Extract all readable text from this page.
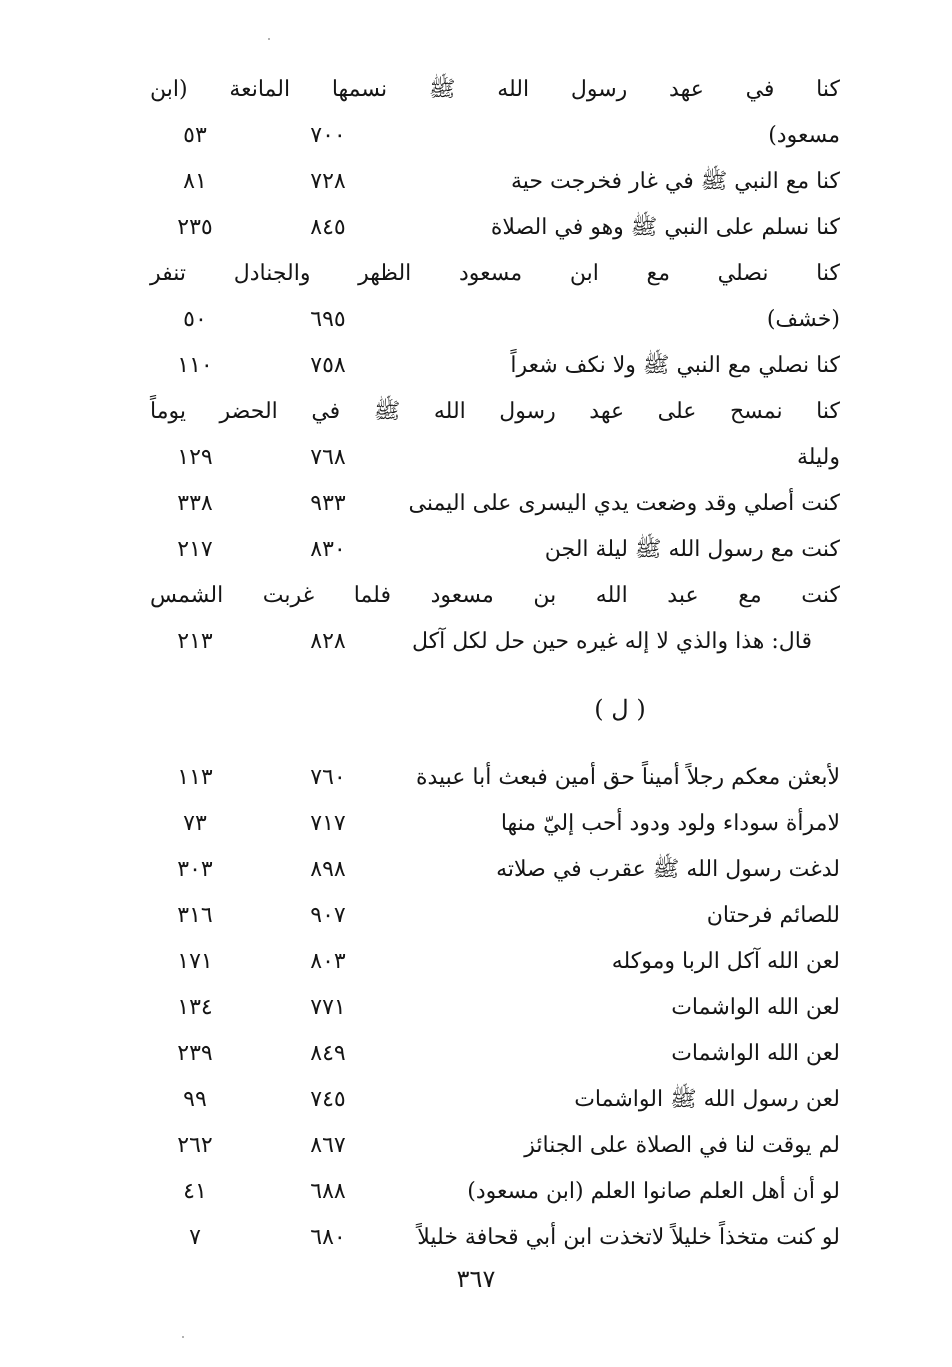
كنا في عهد رسول الله ﷺ نسمها المانعة (ابن
مسعود)
٧٠٠
٥٣
كنا مع النبي ﷺ في غار فخرجت حية
٧٢٨
٨١
كنا نسلم على النبي ﷺ وهو في الصلاة
٨٤٥
٢٣٥
كنا نصلي مع ابن مسعود الظهر والجنادل تنفر
(خشف)
٦٩٥
٥٠
كنا نصلي مع النبي ﷺ ولا نكف شعراً
٧٥٨
١١٠
كنا نمسح على عهد رسول الله ﷺ في الحضر يوماً
وليلة
٧٦٨
١٢٩
كنت أصلي وقد وضعت يدي اليسرى على اليمنى
٩٣٣
٣٣٨
كنت مع رسول الله ﷺ ليلة الجن
٨٣٠
٢١٧
كنت مع عبد الله بن مسعود فلما غربت الشمس
قال: هذا والذي لا إله غيره حين حل لكل آكل
٨٢٨
٢١٣
( ل )
لأبعثن معكم رجلاً أميناً حق أمين فبعث أبا عبيدة
٧٦٠
١١٣
لامرأة سوداء ولود ودود أحب إليّ منها
٧١٧
٧٣
لدغت رسول الله ﷺ عقرب في صلاته
٨٩٨
٣٠٣
للصائم فرحتان
٩٠٧
٣١٦
لعن الله آكل الربا وموكله
٨٠٣
١٧١
لعن الله الواشمات
٧٧١
١٣٤
لعن الله الواشمات
٨٤٩
٢٣٩
لعن رسول الله ﷺ الواشمات
٧٤٥
٩٩
لم يوقت لنا في الصلاة على الجنائز
٨٦٧
٢٦٢
لو أن أهل العلم صانوا العلم (ابن مسعود)
٦٨٨
٤١
لو كنت متخذاً خليلاً لاتخذت ابن أبي قحافة خليلاً
٦٨٠
٧
٣٦٧
